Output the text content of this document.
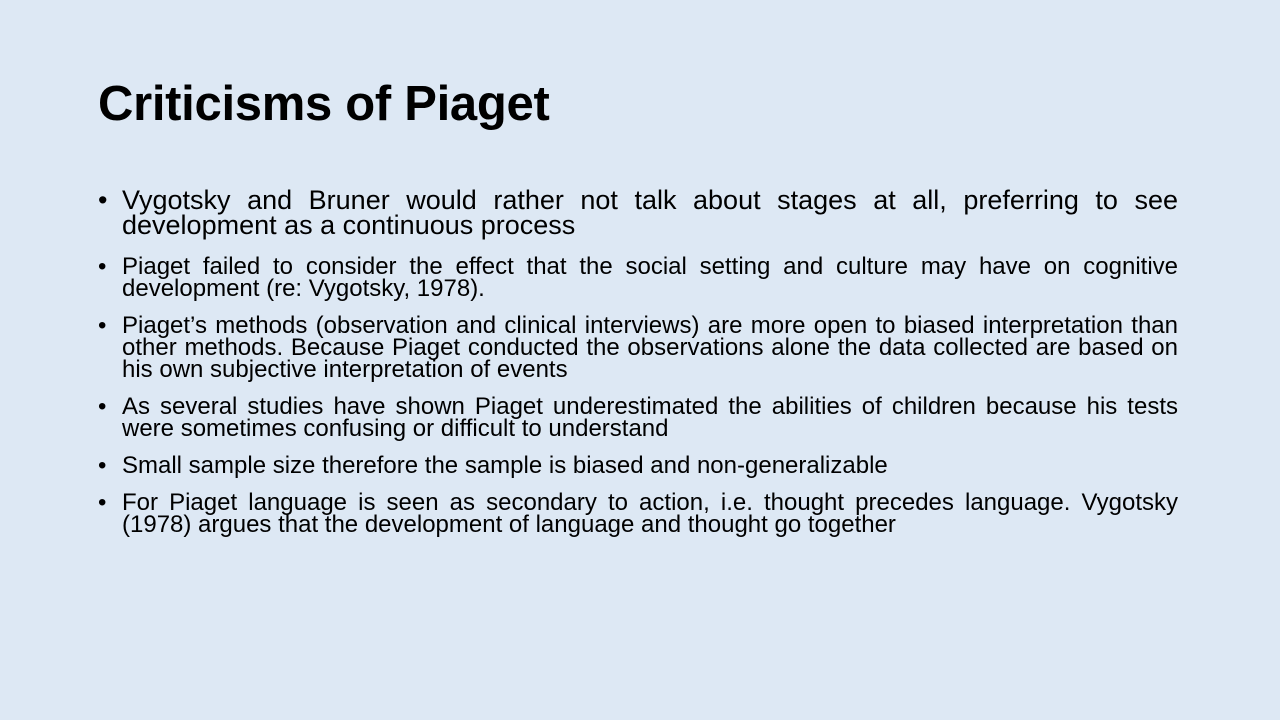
Criticisms of Piaget
• Vygotsky and Bruner would rather not talk about stages at all, preferring to see development as a continuous process
• Piaget failed to consider the effect that the social setting and culture may have on cognitive development (re: Vygotsky, 1978).
• Piaget’s methods (observation and clinical interviews) are more open to biased interpretation than other methods. Because Piaget conducted the observations alone the data collected are based on his own subjective interpretation of events
• As several studies have shown Piaget underestimated the abilities of children because his tests were sometimes confusing or difficult to understand
• Small sample size therefore the sample is biased and non-generalizable
• For Piaget language is seen as secondary to action, i.e. thought precedes language. Vygotsky (1978) argues that the development of language and thought go together
